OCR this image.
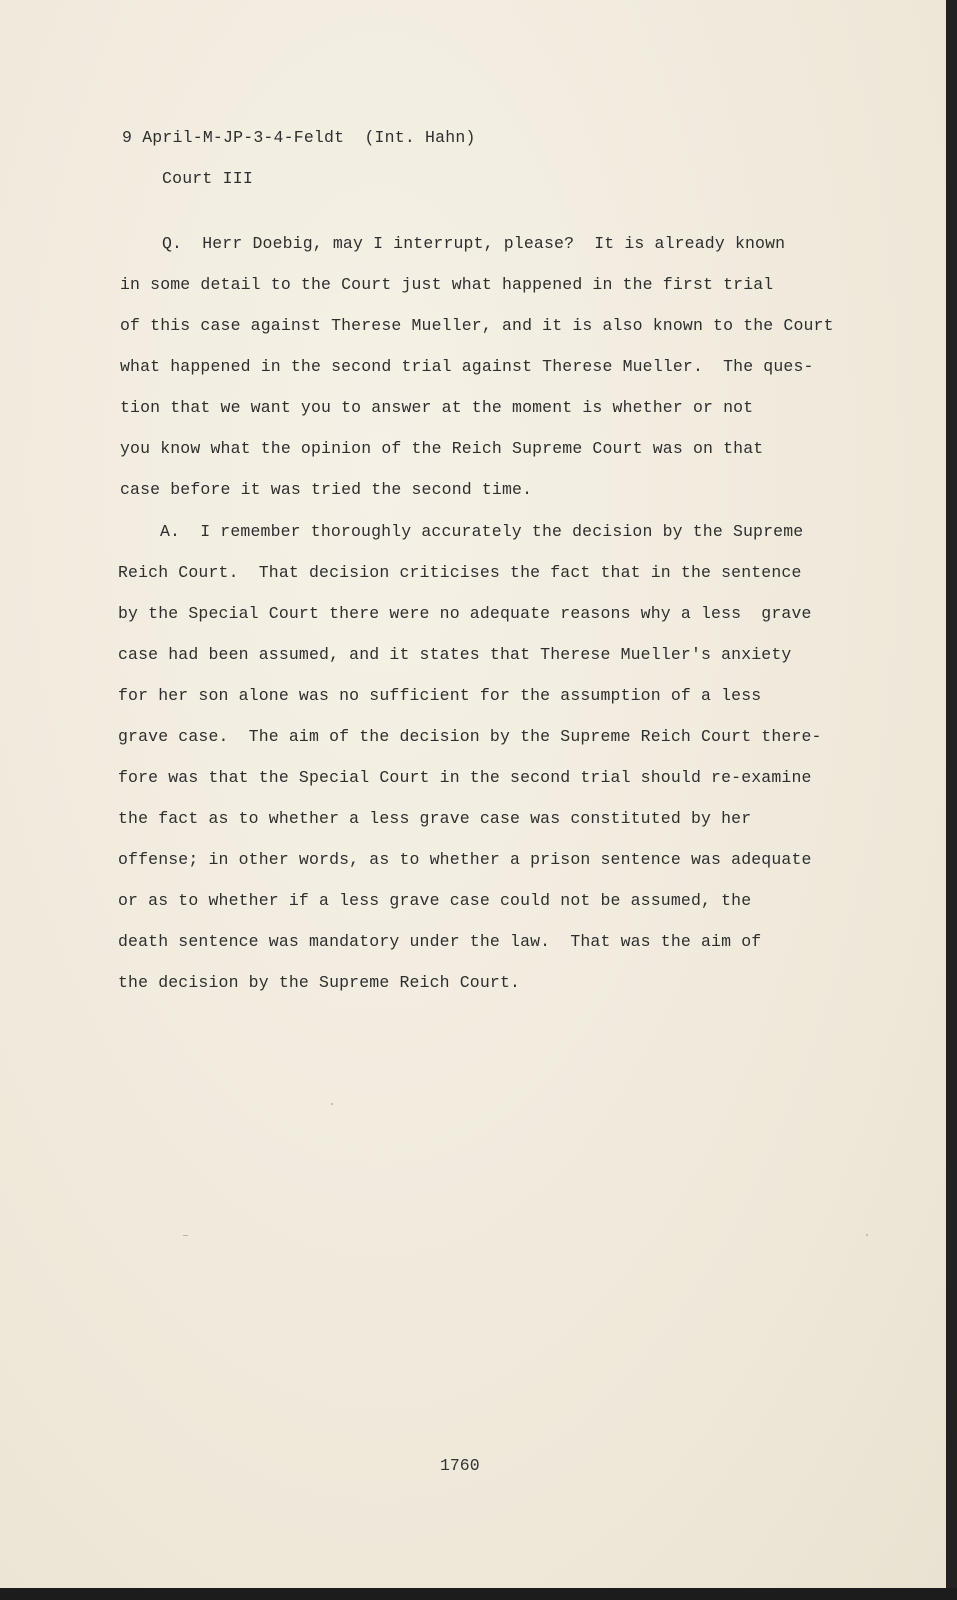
9 April-M-JP-3-4-Feldt  (Int. Hahn)
Court III
Q.  Herr Doebig, may I interrupt, please?  It is already known
in some detail to the Court just what happened in the first trial
of this case against Therese Mueller, and it is also known to the Court
what happened in the second trial against Therese Mueller.  The ques-
tion that we want you to answer at the moment is whether or not
you know what the opinion of the Reich Supreme Court was on that
case before it was tried the second time.
A.  I remember thoroughly accurately the decision by the Supreme
Reich Court.  That decision criticises the fact that in the sentence
by the Special Court there were no adequate reasons why a less  grave
case had been assumed, and it states that Therese Mueller's anxiety
for her son alone was no sufficient for the assumption of a less
grave case.  The aim of the decision by the Supreme Reich Court there-
fore was that the Special Court in the second trial should re-examine
the fact as to whether a less grave case was constituted by her
offense; in other words, as to whether a prison sentence was adequate
or as to whether if a less grave case could not be assumed, the
death sentence was mandatory under the law.  That was the aim of
the decision by the Supreme Reich Court.
1760
